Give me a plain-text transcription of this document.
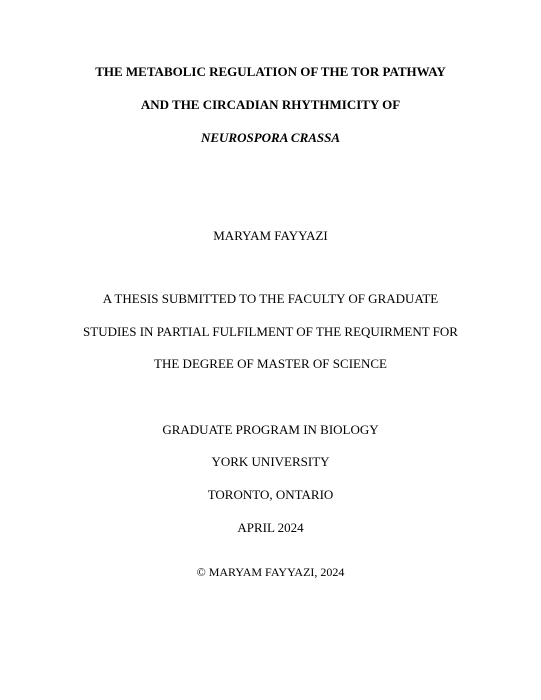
THE METABOLIC REGULATION OF THE TOR PATHWAY
AND THE CIRCADIAN RHYTHMICITY OF
NEUROSPORA CRASSA
MARYAM FAYYAZI
A THESIS SUBMITTED TO THE FACULTY OF GRADUATE
STUDIES IN PARTIAL FULFILMENT OF THE REQUIRMENT FOR
THE DEGREE OF MASTER OF SCIENCE
GRADUATE PROGRAM IN BIOLOGY
YORK UNIVERSITY
TORONTO, ONTARIO
APRIL 2024
© MARYAM FAYYAZI, 2024
